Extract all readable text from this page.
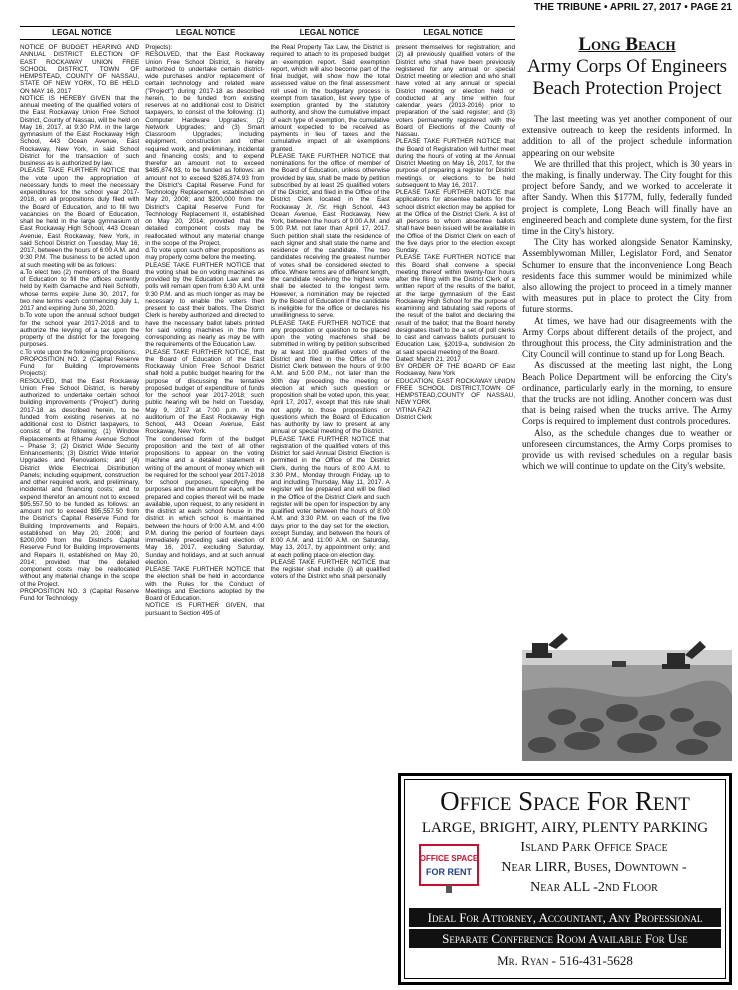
THE TRIBUNE • APRIL 27, 2017 • PAGE 21
LEGAL NOTICE	LEGAL NOTICE	LEGAL NOTICE	LEGAL NOTICE

NOTICE OF BUDGET HEARING AND ANNUAL DISTRICT ELECTION OF EAST ROCKAWAY UNION FREE SCHOOL DISTRICT, TOWN OF HEMPSTEAD, COUNTY OF NASSAU, STATE OF NEW YORK, TO BE HELD ON MAY 16, 2017

NOTICE IS HEREBY GIVEN that the annual meeting of the qualified voters of the East Rockaway Union Free School District, County of Nassau, will be held on May 16, 2017, at 9:30 P.M. in the large gymnasium of the East Rockaway High School, 443 Ocean Avenue, East Rockaway, New York, in said School District for the transaction of such business as is authorized by law.

PLEASE TAKE FURTHER NOTICE that the vote upon the appropriation of necessary funds to meet the necessary expenditures for the school year 2017-2018, on all propositions duly filed with the Board of Education, and to fill two vacancies on the Board of Education, shall be held in the large gymnasium of East Rockaway High School, 443 Ocean Avenue, East Rockaway, New York, in said School District on Tuesday, May 16, 2017, between the hours of 6:00 A.M. and 9:30 P.M. The business to be acted upon at such meeting will be as follows:

a.To elect two (2) members of the Board of Education to fill the offices currently held by Keith Gamache and Neil Schloth, whose terms expire June 30, 2017, for two new terms each commencing July 1, 2017 and expiring June 30, 2020.

b.To vote upon the annual school budget for the school year 2017-2018 and to authorize the levying of a tax upon the property of the district for the foregoing purposes.

c.To vote upon the following propositions:

PROPOSITION NO. 2 (Capital Reserve Fund for Building Improvements Projects):

RESOLVED, that the East Rockaway Union Free School District, is hereby authorized to undertake certain school building improvements ("Project") during 2017-18 as described herein, to be funded from existing reserves at no additional cost to District taxpayers, to consist of the following; (1) Window Replacements at Rhame Avenue School – Phase 3; (2) District Wide Security Enhancements; (3) District Wide Interior Upgrades and Renovations; and (4) District Wide Electrical Distribution Panels; including equipment, construction and other required work, and preliminary, incidental and financing costs; and to expend therefor an amount not to exceed $95,557.50 to be funded as follows: an amount not to exceed $95,557.50 from the District's Capital Reserve Fund for Building Improvements and Repairs, established on May 20, 2008; and $200,000 from the District's Capital Reserve Fund for Building Improvements and Repairs II, established on May 20, 2014; provided that the detailed component costs may be reallocated without any material change in the scope of the Project.

PROPOSITION NO. 3 (Capital Reserve Fund for Technology

Projects):

RESOLVED, that the East Rockaway Union Free School District, is hereby authorized to undertake certain district-wide purchases and/or replacement of certain technology and related ware ("Project") during 2017-18 as described herein, to be funded from existing reserves at no additional cost to District taxpayers, to consist of the following: (1) Computer Hardware Upgrades; (2) Network Upgrades; and (3) Smart Classroom Upgrades; including equipment, construction and other required work, and preliminary, incidental and financing costs; and to expend therefor an amount not to exceed $485,874.93, to be funded as follows: an amount not to exceed $285,874.93 from the District's Capital Reserve Fund for Technology Replacement, established on May 20, 2008; and $200,000 from the District's Capital Reserve Fund for Technology Replacement II, established on May 20, 2014; provided that the detailed component costs may be reallocated without any material change in the scope of the Project.

d.To vote upon such other propositions as may properly come before the meeting.

PLEASE TAKE FURTHER NOTICE that the voting shall be on voting machines as provided by the Education Law and the polls will remain open from 6:30 A.M. until 9:30 P.M. and as much longer as may be necessary to enable the voters then present to cast their ballots. The District Clerk is hereby authorized and directed to have the necessary ballot labels printed for said voting machines in the form corresponding as nearly as may be with the requirements of the Education Law.

PLEASE TAKE FURTHER NOTICE, that the Board of Education of the East Rockaway Union Free School District shall hold a public budget hearing for the purpose of discussing the tentative proposed budget of expenditure of funds for the school year 2017-2018; such public hearing will be held on Tuesday, May 9, 2017 at 7:00 p.m. in the auditorium of the East Rockaway High School, 443 Ocean Avenue, East Rockaway, New York.

The condensed form of the budget proposition and the text of all other propositions to appear on the voting machine and a detailed statement in writing of the amount of money which will be required for the school year 2017-2018 for school purposes, specifying the purposes and the amount for each, will be prepared and copies thereof will be made available, upon request, to any resident in the district at each school house in the district in which school is maintained between the hours of 9:00 A.M. and 4:00 P.M. during the period of fourteen days immediately preceding said election of May 16, 2017, excluding Saturday, Sunday and holidays, and at such annual election.

PLEASE TAKE FURTHER NOTICE that the election shall be held in accordance with the Rules for the Conduct of Meetings and Elections adopted by the Board of Education.

NOTICE IS FURTHER GIVEN, that pursuant to Section 495 of

the Real Property Tax Law, the District is required to attach to its proposed budget an exemption report. Said exemption report, which will also become part of the final budget, will show how the total assessed value on the final assessment roll used in the budgetary process is exempt from taxation, list every type of exemption granted by the statutory authority, and show the cumulative impact of each type of exemption, the cumulative amount expected to be received as payments in lieu of taxes and the cumulative impact of all exemptions granted.

PLEASE TAKE FURTHER NOTICE that nominations for the office of member of the Board of Education, unless otherwise provided by law, shall be made by petition subscribed by at least 25 qualified voters of the District, and filed in the Office of the District Clerk located in the East Rockaway Jr. /Sr. High School, 443 Ocean Avenue, East Rockaway, New York, between the hours of 9:00 A.M. and 5:00 P.M. not later than April 17, 2017. Such petition shall state the residence of each signer and shall state the name and residence of the candidate. The two candidates receiving the greatest number of votes shall be considered elected to office. Where terms are of different length, the candidate receiving the highest vote shall be elected to the longest term. However, a nomination may be rejected by the Board of Education if the candidate is ineligible for the office or declares his unwillingness to serve.

PLEASE TAKE FURTHER NOTICE that any proposition or question to be placed upon the voting machines shall be submitted in writing by petition subscribed by at least 100 qualified voters of the District and filed in the Office of the District Clerk between the hours of 9:00 A.M. and 5:00 P.M., not later than the 30th day preceding the meeting or election at which such question or proposition shall be voted upon, this year, April 17, 2017, except that this rule shall not apply to those propositions or questions which the Board of Education has authority by law to present at any annual or special meeting of the District.

PLEASE TAKE FURTHER NOTICE that registration of the qualified voters of this District for said Annual District Election is permitted in the Office of the District Clerk, during the hours of 8:00 A.M. to 3:30 P.M., Monday through Friday, up to and including Thursday, May 11, 2017. A register will be prepared and will be filed in the Office of the District Clerk and such register will be open for inspection by any qualified voter between the hours of 8:00 A.M. and 3:30 P.M. on each of the five days prior to the day set for the election, except Sunday, and between the hours of 8:00 A.M. and 11:00 A.M. on Saturday, May 13, 2017, by appointment only; and at each polling place on election day.

PLEASE TAKE FURTHER NOTICE that the register shall include (i) all qualified voters of the District who shall personally

present themselves for registration; and (2) all previously qualified voters of the District who shall have been previously registered for any annual or special District meeting or election and who shall have voted at any annual or special District meeting or election held or conducted at any time within four calendar years (2013-2016) prior to preparation of the said register; and (3) voters permanently registered with the Board of Elections of the County of Nassau.

PLEASE TAKE FURTHER NOTICE that the Board of Registration will further meet during the hours of voting at the Annual District Meeting on May 16, 2017, for the purpose of preparing a register for District meetings or elections to be held subsequent to May 16, 2017.

PLEASE TAKE FURTHER NOTICE that applications for absentee ballots for the school district election may be applied for at the Office of the District Clerk. A list of all persons to whom absentee ballots shall have been issued will be available in the Office of the District Clerk on each of the five days prior to the election except Sunday.

PLEASE TAKE FURTHER NOTICE that this Board shall convene a special meeting thereof within twenty-four hours after the filing with the District Clerk of a written report of the results of the ballot, at the large gymnasium of the East Rockaway High School for the purpose of examining and tabulating said reports of the result of the ballot and declaring the result of the ballot; that the Board hereby designates itself to be a set of poll clerks to cast and canvass ballots pursuant to Education Law, §2019-a, subdivision 2b at said special meeting of the Board.

Dated: March 21, 2017

BY ORDER OF THE BOARD OF East Rockaway, New York

EDUCATION, EAST ROCKAWAY UNION FREE SCHOOL DISTRICT,TOWN OF HEMPSTEAD,COUNTY OF NASSAU, NEW YORK

VITINA FAZI

District Clerk

Long Beach
Army Corps Of Engineers Beach Protection Project

The last meeting was yet another component of our extensive outreach to keep the residents informed. In addition to all of the project schedule information appearing on our website

We are thrilled that this project, which is 30 years in the making, is finally underway. The City fought for this project before Sandy, and we worked to accelerate it after Sandy. When this $177M, fully, federally funded project is complete, Long Beach will finally have an engineered beach and complete dune system, for the first time in the City's history.

The City has worked alongside Senator Kaminsky, Assemblywoman Miller, Legislator Ford, and Senator Schumer to ensure that the inconvenience Long Beach residents face this summer would be minimized while also allowing the project to proceed in a timely manner with measures put in place to protect the City from future storms.

At times, we have had our disagreements with the Army Corps about different details of the project, and throughout this process, the City administration and the City Council will continue to stand up for Long Beach.

As discussed at the meeting last night, the Long Beach Police Department will be enforcing the City's ordinance, particularly early in the morning, to ensure that the trucks are not idling. Another concern was dust that is being raised when the trucks arrive. The Army Corps is required to implement dust controls procedures.

Also, as the schedule changes due to weather or unforeseen circumstances, the Army Corps promises to provide us with revised schedules on a regular basis which we will continue to update on the City's website.

Office Space For Rent
LARGE, BRIGHT, AIRY, PLENTY PARKING
Island Park Office Space
Near LIRR, Buses, Downtown -
Near ALL -2nd Floor
OFFICE SPACE
FOR RENT
Ideal For Attorney, Accountant, Any Professional
Separate Conference Room Available For Use
Mr. Ryan - 516-431-5628
